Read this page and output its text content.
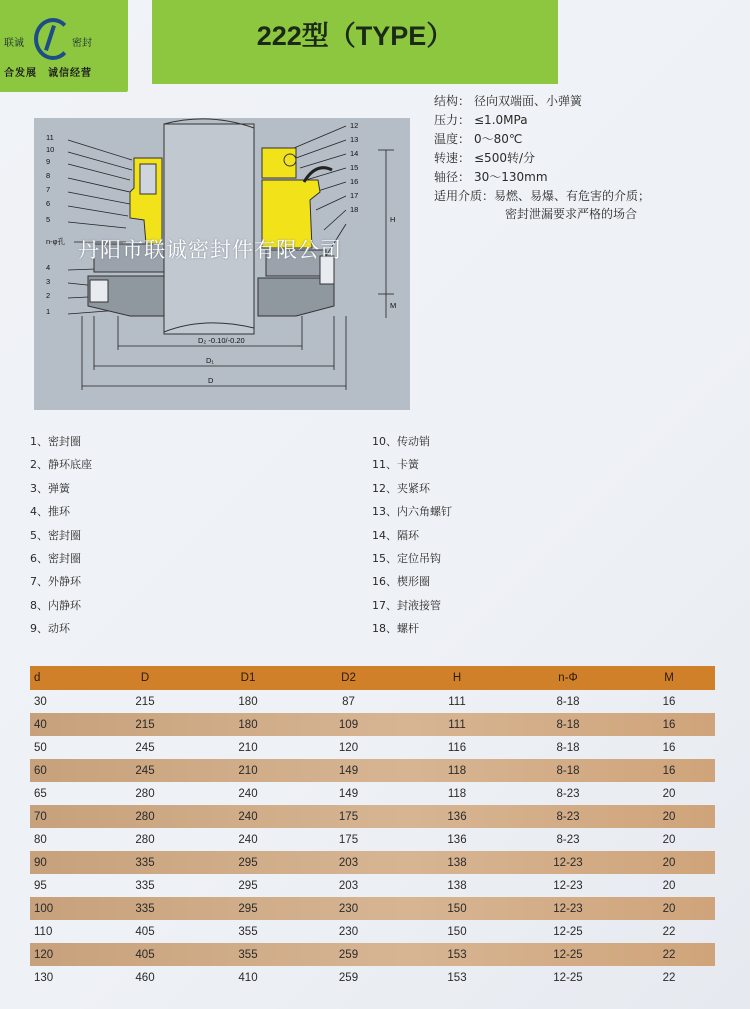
联诚	密封
合发展　诚信经营
222型（TYPE）
11
10
9
8
7
6
5
n-φ孔
4
3
2
1
12
13
14
15
16
17
18
H
M
D₂ -0.10/-0.20
D₁
D
丹阳市联诚密封件有限公司
结构： 径向双端面、小弹簧
压力： ≤1.0MPa
温度： 0～80℃
转速： ≤500转/分
轴径： 30～130mm
适用介质： 易燃、易爆、有危害的介质；
密封泄漏要求严格的场合
1、密封圈
2、静环底座
3、弹簧
4、推环
5、密封圈
6、密封圈
7、外静环
8、内静环
9、动环
10、传动销
11、卡簧
12、夹紧环
13、内六角螺钉
14、隔环
15、定位吊钩
16、楔形圈
17、封液接管
18、螺杆
d	D	D1	D2	H	n-Φ	M
30	215	180	87	111	8-18	16
40	215	180	109	111	8-18	16
50	245	210	120	116	8-18	16
60	245	210	149	118	8-18	16
65	280	240	149	118	8-23	20
70	280	240	175	136	8-23	20
80	280	240	175	136	8-23	20
90	335	295	203	138	12-23	20
95	335	295	203	138	12-23	20
100	335	295	230	150	12-23	20
110	405	355	230	150	12-25	22
120	405	355	259	153	12-25	22
130	460	410	259	153	12-25	22
